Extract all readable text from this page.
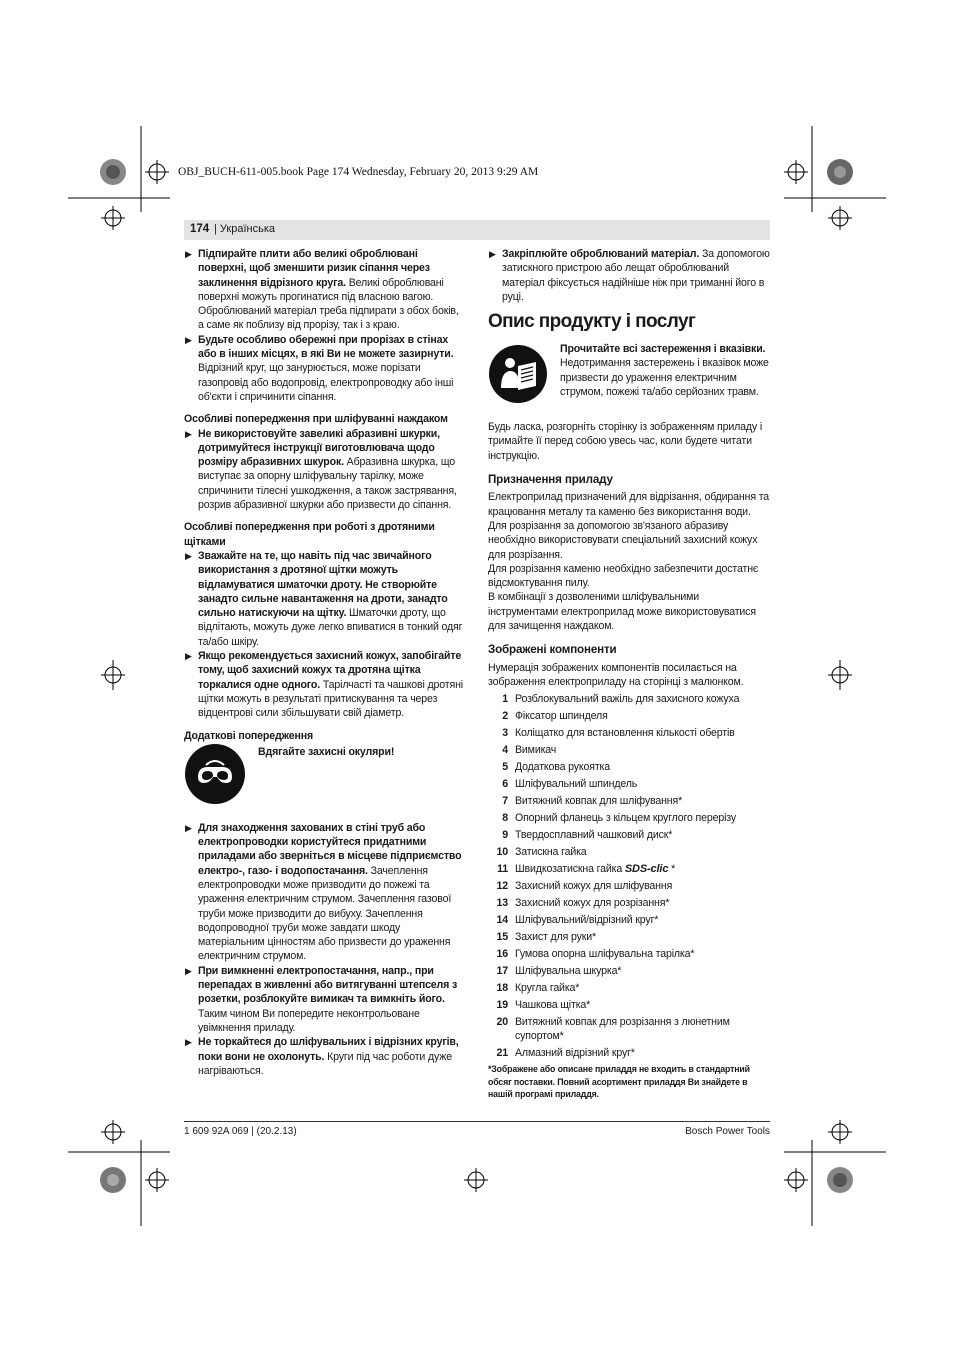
OBJ_BUCH-611-005.book Page 174 Wednesday, February 20, 2013 9:29 AM
174 | Українська

▶ Підпирайте плити або великі оброблювані поверхні, щоб зменшити ризик сіпання через заклинення відрізного круга. Великі оброблювані поверхні можуть прогинатися під власною вагою. Оброблюваний матеріал треба підпирати з обох боків, а саме як поблизу від прорізу, так і з краю.

▶ Будьте особливо обережні при прорізах в стінах або в інших місцях, в які Ви не можете зазирнути. Відрізний круг, що занурюється, може порізати газопровід або водопровід, електропроводку або інші об'єкти і спричинити сіпання.

Особливі попередження при шліфуванні наждаком

▶ Не використовуйте завеликі абразивні шкурки, дотримуйтеся інструкції виготовлювача щодо розміру абразивних шкурок. Абразивна шкурка, що виступає за опорну шліфувальну тарілку, може спричинити тілесні ушкодження, а також застрявання, розрив абразивної шкурки або призвести до сіпання.

Особливі попередження при роботі з дротяними щітками

▶ Зважайте на те, що навіть під час звичайного використання з дротяної щітки можуть відламуватися шматочки дроту. Не створюйте занадто сильне навантаження на дроти, занадто сильно натискуючи на щітку. Шматочки дроту, що відлітають, можуть дуже легко впиватися в тонкий одяг та/або шкіру.

▶ Якщо рекомендується захисний кожух, запобігайте тому, щоб захисний кожух та дротяна щітка торкалися одне одного. Тарілчасті та чашкові дротяні щітки можуть в результаті притискування та через відцентрові сили збільшувати свій діаметр.

Додаткові попередження

Вдягайте захисні окуляри!

▶ Для знаходження захованих в стіні труб або електропроводки користуйтеся придатними приладами або зверніться в місцеве підприємство електро-, газо- і водопостачання. Зачеплення електропроводки може призводити до пожежі та ураження електричним струмом. Зачеплення газової труби може призводити до вибуху. Зачеплення водопроводної труби може завдати шкоду матеріальним цінностям або призвести до ураження електричним струмом.

▶ При вимкненні електропостачання, напр., при перепадах в живленні або витягуванні штепселя з розетки, розблокуйте вимикач та вимкніть його. Таким чином Ви попередите неконтрольоване увімкнення приладу.

▶ Не торкайтеся до шліфувальних і відрізних кругів, поки вони не охолонуть. Круги під час роботи дуже нагріваються.

▶ Закріплюйте оброблюваний матеріал. За допомогою затискного пристрою або лещат оброблюваний матеріал фіксується надійніше ніж при триманні його в руці.

Опис продукту і послуг

Прочитайте всі застереження і вказівки. Недотримання застережень і вказівок може призвести до ураження електричним струмом, пожежі та/або серйозних травм.

Будь ласка, розгорніть сторінку із зображенням приладу і тримайте її перед собою увесь час, коли будете читати інструкцію.

Призначення приладу

Електроприлад призначений для відрізання, обдирання та крацювання металу та каменю без використання води.

Для розрізання за допомогою зв'язаного абразиву необхідно використовувати спеціальний захисний кожух для розрізання.

Для розрізання каменю необхідно забезпечити достатнє відсмоктування пилу.

В комбінації з дозволеними шліфувальними інструментами електроприлад може використовуватися для зачищення наждаком.

Зображені компоненти

Нумерація зображених компонентів посилається на зображення електроприладу на сторінці з малюнком.

1 Розблокувальний важіль для захисного кожуха
2 Фіксатор шпинделя
3 Коліщатко для встановлення кількості обертів
4 Вимикач
5 Додаткова рукоятка
6 Шліфувальний шпиндель
7 Витяжний ковпак для шліфування*
8 Опорний фланець з кільцем круглого перерізу
9 Твердосплавний чашковий диск*
10 Затискна гайка
11 Швидкозатискна гайка SDS-clic *
12 Захисний кожух для шліфування
13 Захисний кожух для розрізання*
14 Шліфувальний/відрізний круг*
15 Захист для руки*
16 Гумова опорна шліфувальна тарілка*
17 Шліфувальна шкурка*
18 Кругла гайка*
19 Чашкова щітка*
20 Витяжний ковпак для розрізання з люнетним супортом*
21 Алмазний відрізний круг*

*Зображене або описане приладдя не входить в стандартний обсяг поставки. Повний асортимент приладдя Ви знайдете в нашій програмі приладдя.

1 609 92A 069 | (20.2.13)	Bosch Power Tools
